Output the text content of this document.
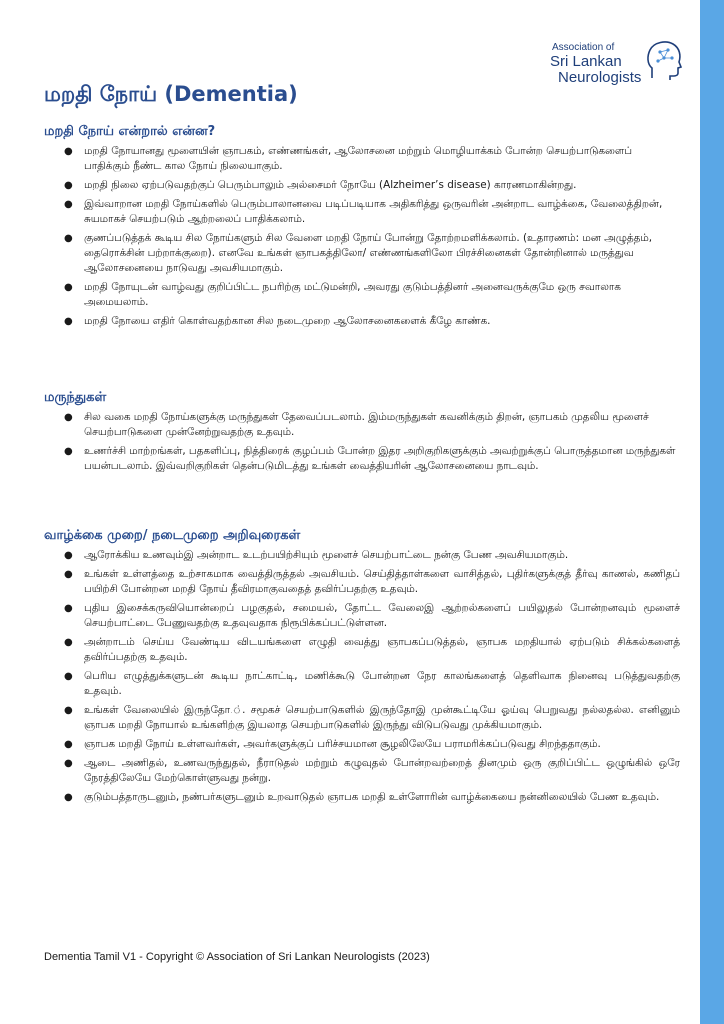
Association of
Sri Lankan
Neurologists
மறதி நோய் (Dementia)
மறதி நோய் என்றால் என்ன?
● மறதி நோயானது மூளையின் ஞாபகம், எண்ணங்கள், ஆலோசனை மற்றும் மொழியாக்கம் போன்ற செயற்பாடுகளைப் பாதிக்கும் நீண்ட கால நோய் நிலையாகும்.
● மறதி நிலை ஏற்படுவதற்குப் பெரும்பாலும் அல்சைமர் நோயே (Alzheimer’s disease) காரணமாகின்றது.
● இவ்வாறான மறதி நோய்களில் பெரும்பாலானவை படிப்படியாக அதிகரித்து ஒருவரின் அன்றாட வாழ்க்கை, வேலைத்திறன், சுயமாகச் செயற்படும் ஆற்றலைப் பாதிக்கலாம்.
● குணப்படுத்தக் கூடிய சில நோய்களும் சில வேளை மறதி நோய் போன்று தோற்றமளிக்கலாம். (உதாரணம்: மன அழுத்தம், தைரொக்சின் பற்றாக்குறை). எனவே உங்கள் ஞாபகத்திலோ/ எண்ணங்களிலோ பிரச்சினைகள் தோன்றினால் மருத்துவ ஆலோசனையை நாடுவது அவசியமாகும்.
● மறதி நோயுடன் வாழ்வது குறிப்பிட்ட நபரிற்கு மட்டுமன்றி, அவரது குடும்பத்தினர் அனைவருக்குமே ஒரு சவாலாக அமையலாம்.
● மறதி நோயை எதிர் கொள்வதற்கான சில நடைமுறை ஆலோசனைகளைக் கீழே காண்க.
மருந்துகள்
● சில வகை மறதி நோய்களுக்கு மருந்துகள் தேவைப்படலாம். இம்மருந்துகள் கவனிக்கும் திறன், ஞாபகம் முதலிய மூளைச் செயற்பாடுகளை முன்னேற்றுவதற்கு உதவும்.
● உணர்ச்சி மாற்றங்கள், பதகளிப்பு, நித்திரைக் குழப்பம் போன்ற இதர அறிகுறிகளுக்கும் அவற்றுக்குப் பொருத்தமான மருந்துகள் பயன்படலாம். இவ்வறிகுறிகள் தென்படுமிடத்து உங்கள் வைத்தியரின் ஆலோசனையை நாடவும்.
வாழ்க்கை முறை/ நடைமுறை அறிவுரைகள்
● ஆரோக்கிய உணவும்இ அன்றாட உடற்பயிற்சியும் மூளைச் செயற்பாட்டை நன்கு பேண அவசியமாகும்.
● உங்கள் உள்ளத்தை உற்சாகமாக வைத்திருத்தல் அவசியம். செய்தித்தாள்களை வாசித்தல், புதிர்களுக்குத் தீர்வு காணல், கணிதப் பயிற்சி போன்றன மறதி நோய் தீவிரமாகுவதைத் தவிர்ப்பதற்கு உதவும்.
● புதிய இசைக்கருவியொன்றைப் பழகுதல், சமையல், தோட்ட வேலைஇ ஆற்றல்களைப் பயிலுதல் போன்றனவும் மூளைச் செயற்பாட்டை பேணுவதற்கு உதவுவதாக நிரூபிக்கப்பட்டுள்ளன.
● அன்றாடம் செய்ய வேண்டிய விடயங்களை எழுதி வைத்து ஞாபகப்படுத்தல், ஞாபக மறதியால் ஏற்படும் சிக்கல்களைத் தவிர்ப்பதற்கு உதவும்.
● பெரிய எழுத்துக்களுடன் கூடிய நாட்காட்டி, மணிக்கூடு போன்றன நேர காலங்களைத் தெளிவாக நினைவு படுத்துவதற்கு உதவும்.
● உங்கள் வேலையில் இருந்தோ.். சமூகச் செயற்பாடுகளில் இருந்தோஇ முன்கூட்டியே ஓய்வு பெறுவது நல்லதல்ல. எனினும் ஞாபக மறதி நோயால் உங்களிற்கு இயலாத செயற்பாடுகளில் இருந்து விடுபடுவது முக்கியமாகும்.
● ஞாபக மறதி நோய் உள்ளவர்கள், அவர்களுக்குப் பரிச்சயமான சூழலிலேயே பராமரிக்கப்படுவது சிறந்ததாகும்.
● ஆடை அணிதல், உணவருந்துதல், நீராடுதல் மற்றும் கழுவுதல் போன்றவற்றைத் தினமும் ஒரு குறிப்பிட்ட ஒழுங்கில் ஒரே நேரத்திலேயே மேற்கொள்ளுவது நன்று.
● குடும்பத்தாருடனும், நண்பர்களுடனும் உறவாடுதல் ஞாபக மறதி உள்ளோரின் வாழ்க்கையை நன்னிலையில் பேண உதவும்.
Dementia Tamil V1 - Copyright © Association of Sri Lankan Neurologists (2023)
